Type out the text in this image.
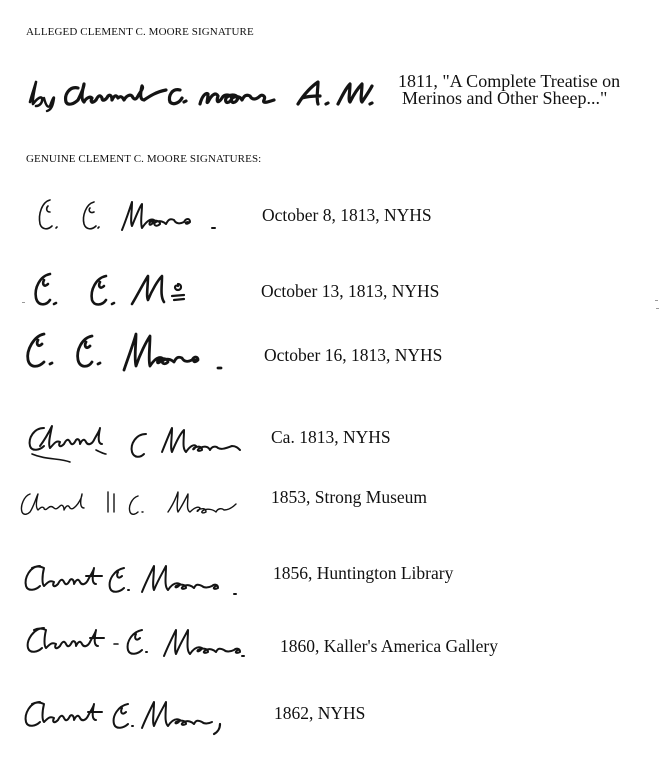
ALLEGED CLEMENT C. MOORE SIGNATURE
1811, "A Complete Treatise on
Merinos and Other Sheep..."
GENUINE CLEMENT C. MOORE SIGNATURES:
October 8, 1813, NYHS
October 13, 1813, NYHS
October 16, 1813, NYHS
Ca. 1813, NYHS
1853, Strong Museum
1856, Huntington Library
1860, Kaller's America Gallery
1862, NYHS
